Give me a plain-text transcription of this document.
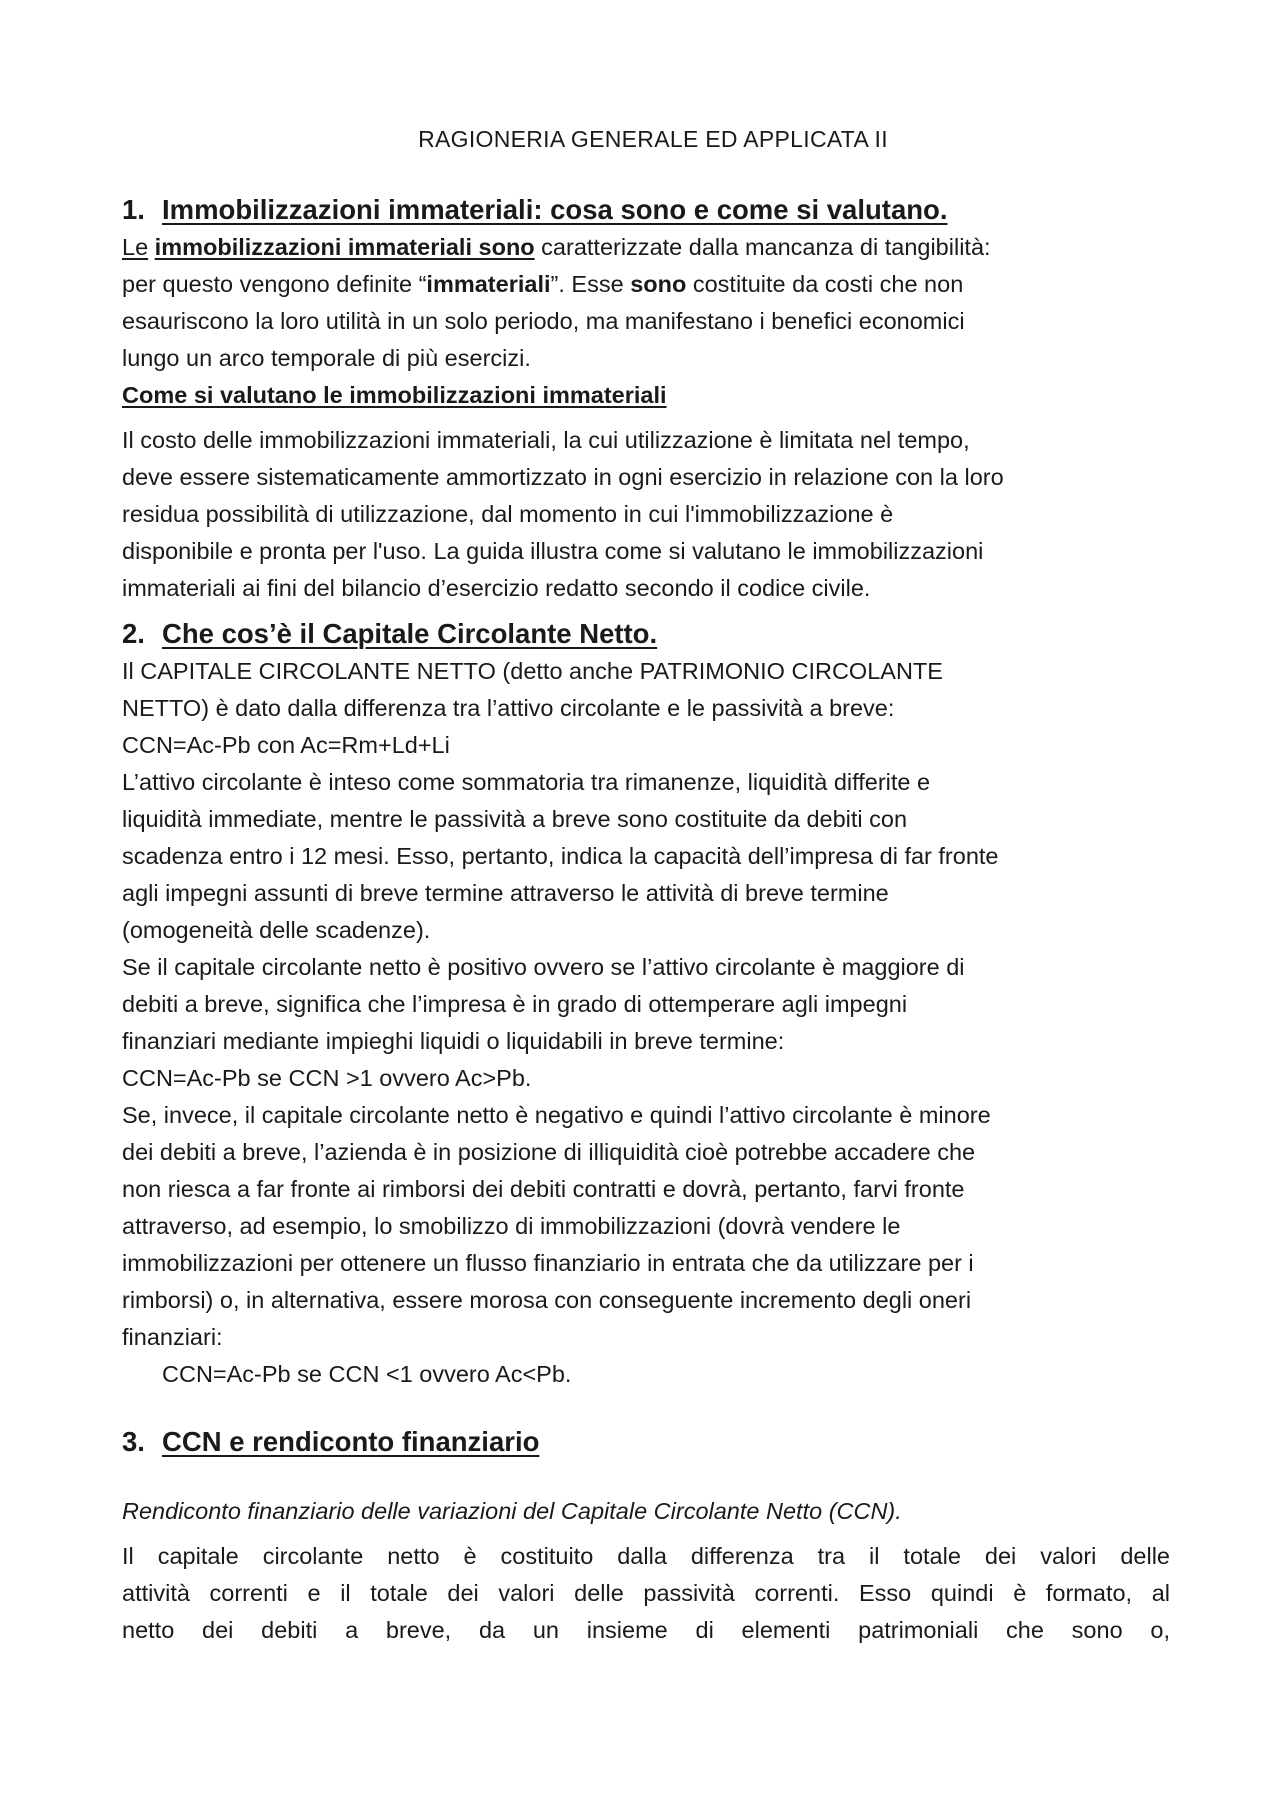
RAGIONERIA GENERALE ED APPLICATA II
1. Immobilizzazioni immateriali: cosa sono e come si valutano.
Le immobilizzazioni immateriali sono caratterizzate dalla mancanza di tangibilità:
per questo vengono definite “immateriali”. Esse sono costituite da costi che non
esauriscono la loro utilità in un solo periodo, ma manifestano i benefici economici
lungo un arco temporale di più esercizi.
Come si valutano le immobilizzazioni immateriali
Il costo delle immobilizzazioni immateriali, la cui utilizzazione è limitata nel tempo,
deve essere sistematicamente ammortizzato in ogni esercizio in relazione con la loro
residua possibilità di utilizzazione, dal momento in cui l'immobilizzazione è
disponibile e pronta per l'uso. La guida illustra come si valutano le immobilizzazioni
immateriali ai fini del bilancio d’esercizio redatto secondo il codice civile.
2. Che cos’è il Capitale Circolante Netto.
Il CAPITALE CIRCOLANTE NETTO (detto anche PATRIMONIO CIRCOLANTE
NETTO) è dato dalla differenza tra l’attivo circolante e le passività a breve:
CCN=Ac-Pb con Ac=Rm+Ld+Li
L’attivo circolante è inteso come sommatoria tra rimanenze, liquidità differite e
liquidità immediate, mentre le passività a breve sono costituite da debiti con
scadenza entro i 12 mesi. Esso, pertanto, indica la capacità dell’impresa di far fronte
agli impegni assunti di breve termine attraverso le attività di breve termine
(omogeneità delle scadenze).
Se il capitale circolante netto è positivo ovvero se l’attivo circolante è maggiore di
debiti a breve, significa che l’impresa è in grado di ottemperare agli impegni
finanziari mediante impieghi liquidi o liquidabili in breve termine:
CCN=Ac-Pb se CCN >1 ovvero Ac>Pb.
Se, invece, il capitale circolante netto è negativo e quindi l’attivo circolante è minore
dei debiti a breve, l’azienda è in posizione di illiquidità cioè potrebbe accadere che
non riesca a far fronte ai rimborsi dei debiti contratti e dovrà, pertanto, farvi fronte
attraverso, ad esempio, lo smobilizzo di immobilizzazioni (dovrà vendere le
immobilizzazioni per ottenere un flusso finanziario in entrata che da utilizzare per i
rimborsi) o, in alternativa, essere morosa con conseguente incremento degli oneri
finanziari:
CCN=Ac-Pb se CCN <1 ovvero Ac<Pb.
3. CCN e rendiconto finanziario
Rendiconto finanziario delle variazioni del Capitale Circolante Netto (CCN).
Il capitale circolante netto è costituito dalla differenza tra il totale dei valori delle
attività correnti e il totale dei valori delle passività correnti. Esso quindi è formato, al
netto dei debiti a breve, da un insieme di elementi patrimoniali che sono o,
